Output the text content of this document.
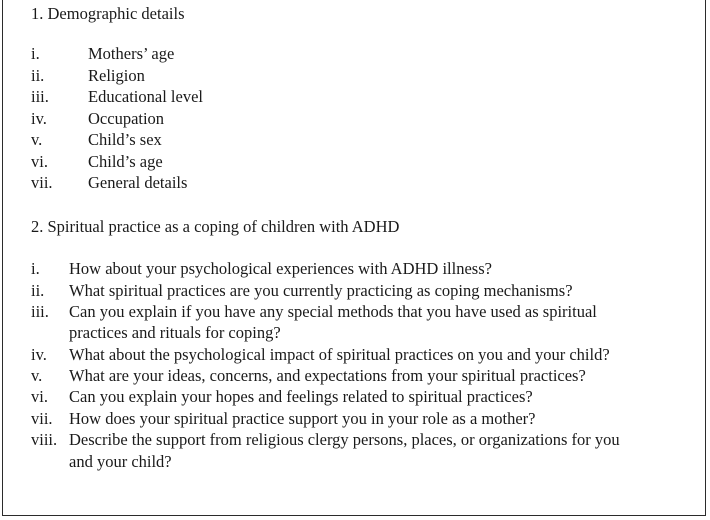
1. Demographic details
i.	Mothers’ age
ii.	Religion
iii. Educational level
iv. Occupation
v.	Child’s sex
vi. Child’s age
vii. General details
2. Spiritual practice as a coping of children with ADHD
i. How about your psychological experiences with ADHD illness?
ii. What spiritual practices are you currently practicing as coping mechanisms?
iii. Can you explain if you have any special methods that you have used as spiritual
practices and rituals for coping?
iv. What about the psychological impact of spiritual practices on you and your child?
v. What are your ideas, concerns, and expectations from your spiritual practices?
vi. Can you explain your hopes and feelings related to spiritual practices?
vii. How does your spiritual practice support you in your role as a mother?
viii. Describe the support from religious clergy persons, places, or organizations for you
and your child?
